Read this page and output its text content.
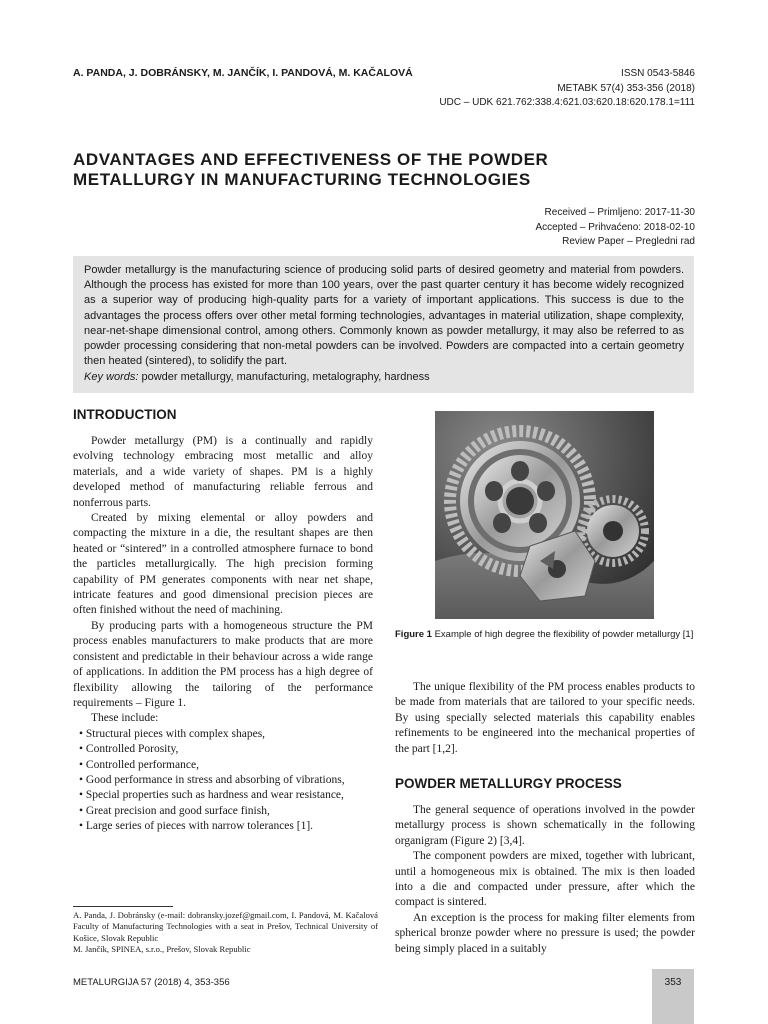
A. PANDA, J. DOBRÁNSKY, M. JANČÍK, I. PANDOVÁ, M. KAČALOVÁ	ISSN 0543-5846
METABK 57(4) 353-356 (2018)
UDC – UDK 621.762:338.4:621.03:620.18:620.178.1=111
ADVANTAGES AND EFFECTIVENESS OF THE POWDER
METALLURGY IN MANUFACTURING TECHNOLOGIES
Received – Primljeno: 2017-11-30
Accepted – Prihvaćeno: 2018-02-10
Review Paper – Pregledni rad
Powder metallurgy is the manufacturing science of producing solid parts of desired geometry and material from powders. Although the process has existed for more than 100 years, over the past quarter century it has become widely recognized as a superior way of producing high-quality parts for a variety of important applications. This success is due to the advantages the process offers over other metal forming technologies, advantages in material utilization, shape complexity, near-net-shape dimensional control, among others. Commonly known as powder metallurgy, it may also be referred to as powder processing considering that non-metal powders can be involved. Powders are compacted into a certain geometry then heated (sintered), to solidify the part.
Key words: powder metallurgy, manufacturing, metalography, hardness
INTRODUCTION

Powder metallurgy (PM) is a continually and rapidly evolving technology embracing most metallic and alloy materials, and a wide variety of shapes. PM is a highly developed method of manufacturing reliable ferrous and nonferrous parts.

Created by mixing elemental or alloy powders and compacting the mixture in a die, the resultant shapes are then heated or “sintered” in a controlled atmosphere furnace to bond the particles metallurgically. The high precision forming capability of PM generates components with near net shape, intricate features and good dimensional precision pieces are often finished without the need of machining.

By producing parts with a homogeneous structure the PM process enables manufacturers to make products that are more consistent and predictable in their behaviour across a wide range of applications. In addition the PM process has a high degree of flexibility allowing the tailoring of the performance requirements – Figure 1.

These include:

• Structural pieces with complex shapes,
• Controlled Porosity,
• Controlled performance,
• Good performance in stress and absorbing of vibrations,
• Special properties such as hardness and wear resistance,
• Great precision and good surface finish,
• Large series of pieces with narrow tolerances [1].
Figure 1 Example of high degree the flexibility of powder metallurgy [1]

The unique flexibility of the PM process enables products to be made from materials that are tailored to your specific needs. By using specially selected materials this capability enables refinements to be engineered into the mechanical properties of the part [1,2].

POWDER METALLURGY PROCESS

The general sequence of operations involved in the powder metallurgy process is shown schematically in the following organigram (Figure 2) [3,4].

The component powders are mixed, together with lubricant, until a homogeneous mix is obtained. The mix is then loaded into a die and compacted under pressure, after which the compact is sintered.

An exception is the process for making filter elements from spherical bronze powder where no pressure is used; the powder being simply placed in a suitably

A. Panda, J. Dobránsky (e-mail: dobransky.jozef@gmail.com, I. Pandová, M. Kačalová Faculty of Manufacturing Technologies with a seat in Prešov, Technical University of Košice, Slovak Republic
M. Jančík, SPINEA, s.r.o., Prešov, Slovak Republic
METALURGIJA 57 (2018) 4, 353-356	353
